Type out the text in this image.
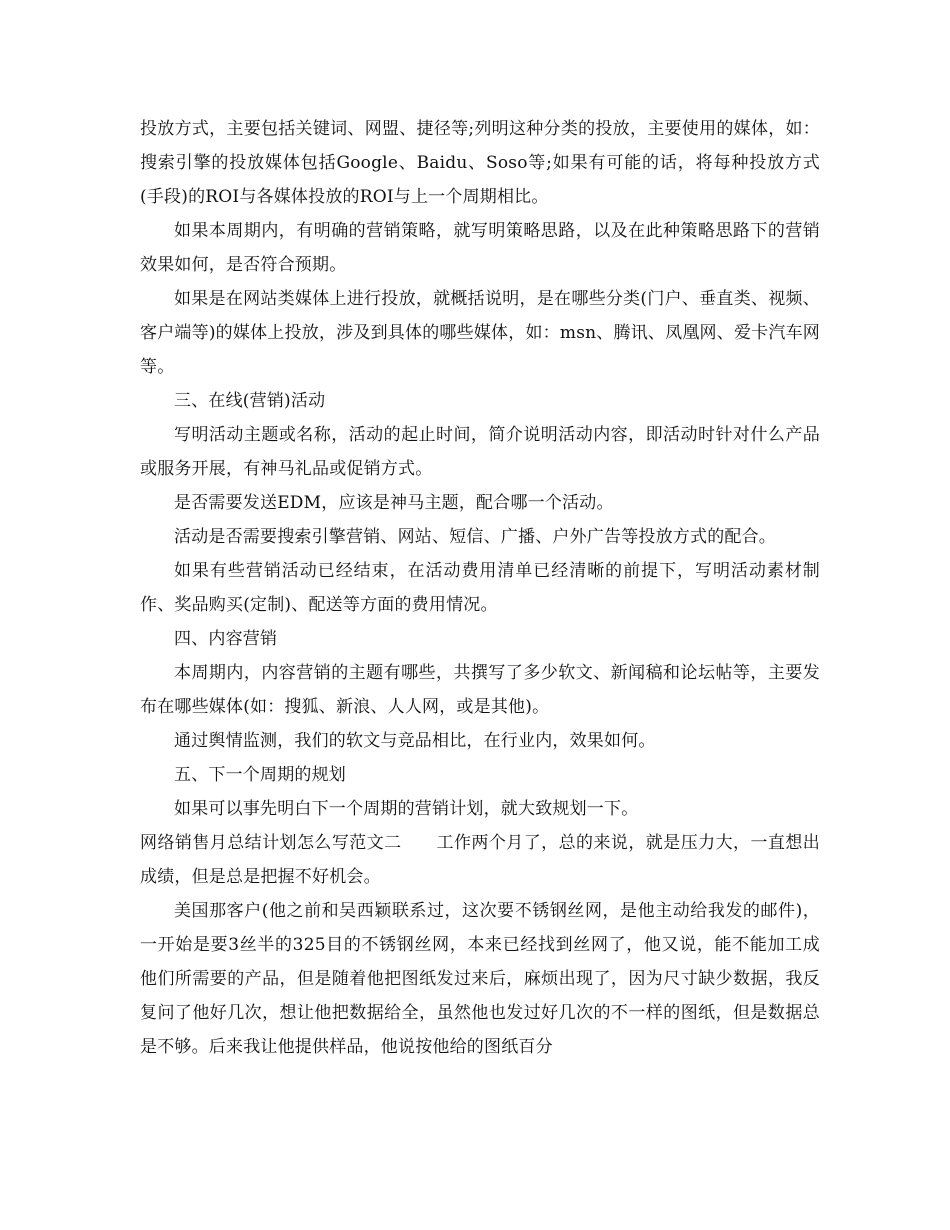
投放方式，主要包括关键词、网盟、捷径等;列明这种分类的投放，主要使用的媒体，如：搜索引擎的投放媒体包括Google、Baidu、Soso等;如果有可能的话，将每种投放方式(手段)的ROI与各媒体投放的ROI与上一个周期相比。

如果本周期内，有明确的营销策略，就写明策略思路，以及在此种策略思路下的营销效果如何，是否符合预期。

如果是在网站类媒体上进行投放，就概括说明，是在哪些分类(门户、垂直类、视频、客户端等)的媒体上投放，涉及到具体的哪些媒体，如：msn、腾讯、凤凰网、爱卡汽车网等。

三、在线(营销)活动

写明活动主题或名称，活动的起止时间，简介说明活动内容，即活动时针对什么产品或服务开展，有神马礼品或促销方式。

是否需要发送EDM，应该是神马主题，配合哪一个活动。

活动是否需要搜索引擎营销、网站、短信、广播、户外广告等投放方式的配合。

如果有些营销活动已经结束，在活动费用清单已经清晰的前提下，写明活动素材制作、奖品购买(定制)、配送等方面的费用情况。

四、内容营销

本周期内，内容营销的主题有哪些，共撰写了多少软文、新闻稿和论坛帖等，主要发布在哪些媒体(如：搜狐、新浪、人人网，或是其他)。

通过舆情监测，我们的软文与竞品相比，在行业内，效果如何。

五、下一个周期的规划

如果可以事先明白下一个周期的营销计划，就大致规划一下。

网络销售月总结计划怎么写范文二　　工作两个月了，总的来说，就是压力大，一直想出成绩，但是总是把握不好机会。

美国那客户(他之前和吴西颖联系过，这次要不锈钢丝网，是他主动给我发的邮件)，一开始是要3丝半的325目的不锈钢丝网，本来已经找到丝网了，他又说，能不能加工成他们所需要的产品，但是随着他把图纸发过来后，麻烦出现了，因为尺寸缺少数据，我反复问了他好几次，想让他把数据给全，虽然他也发过好几次的不一样的图纸，但是数据总是不够。后来我让他提供样品，他说按他给的图纸百分
